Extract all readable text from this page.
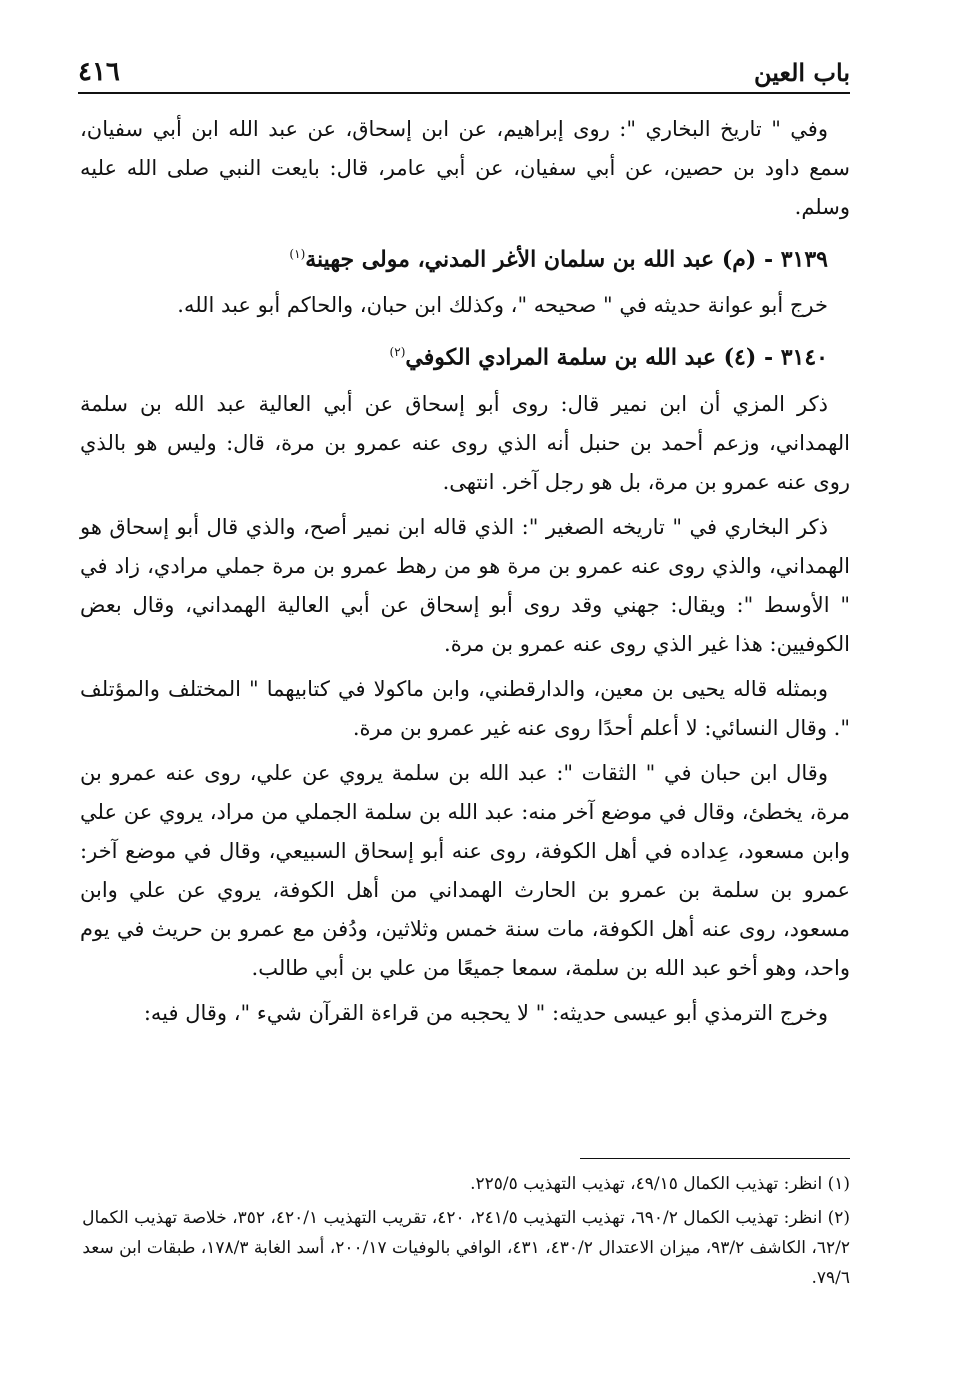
٤١٦	باب العين

وفي " تاريخ البخاري ": روى إبراهيم، عن ابن إسحاق، عن عبد الله ابن أبي سفيان، سمع داود بن حصين، عن أبي سفيان، عن أبي عامر، قال: بايعت النبي صلى الله عليه وسلم.

٣١٣٩ - (م) عبد الله بن سلمان الأغر المدني، مولى جهينة$^{(١)}$

خرج أبو عوانة حديثه في " صحيحه "، وكذلك ابن حبان، والحاكم أبو عبد الله.

٣١٤٠ - (٤) عبد الله بن سلمة المرادي الكوفي$^{(٢)}$

ذكر المزي أن ابن نمير قال: روى أبو إسحاق عن أبي العالية عبد الله بن سلمة الهمداني، وزعم أحمد بن حنبل أنه الذي روى عنه عمرو بن مرة، قال: وليس هو بالذي روى عنه عمرو بن مرة، بل هو رجل آخر. انتهى.

ذكر البخاري في " تاريخه الصغير ": الذي قاله ابن نمير أصح، والذي قال أبو إسحاق هو الهمداني، والذي روى عنه عمرو بن مرة هو من رهط عمرو بن مرة جملي مرادي، زاد في " الأوسط ": ويقال: جهني وقد روى أبو إسحاق عن أبي العالية الهمداني، وقال بعض الكوفيين: هذا غير الذي روى عنه عمرو بن مرة.

وبمثله قاله يحيى بن معين، والدارقطني، وابن ماكولا في كتابيهما " المختلف والمؤتلف ". وقال النسائي: لا أعلم أحدًا روى عنه غير عمرو بن مرة.

وقال ابن حبان في " الثقات ": عبد الله بن سلمة يروي عن علي، روى عنه عمرو بن مرة، يخطئ، وقال في موضع آخر منه: عبد الله بن سلمة الجملي من مراد، يروي عن علي وابن مسعود، عِداده في أهل الكوفة، روى عنه أبو إسحاق السبيعي، وقال في موضع آخر: عمرو بن سلمة بن عمرو بن الحارث الهمداني من أهل الكوفة، يروي عن علي وابن مسعود، روى عنه أهل الكوفة، مات سنة خمس وثلاثين، ودُفن مع عمرو بن حريث في يوم واحد، وهو أخو عبد الله بن سلمة، سمعا جميعًا من علي بن أبي طالب.

وخرج الترمذي أبو عيسى حديثه: " لا يحجبه من قراءة القرآن شيء "، وقال فيه:

(١) انظر: تهذيب الكمال ٤٩/١٥، تهذيب التهذيب ٢٢٥/٥.

(٢) انظر: تهذيب الكمال ٦٩٠/٢، تهذيب التهذيب ٢٤١/٥، ٤٢٠، تقريب التهذيب ٤٢٠/١، ٣٥٢، خلاصة تهذيب الكمال ٦٢/٢، الكاشف ٩٣/٢، ميزان الاعتدال ٤٣٠/٢، ٤٣١، الوافي بالوفيات ٢٠٠/١٧، أسد الغابة ١٧٨/٣، طبقات ابن سعد ٧٩/٦.
